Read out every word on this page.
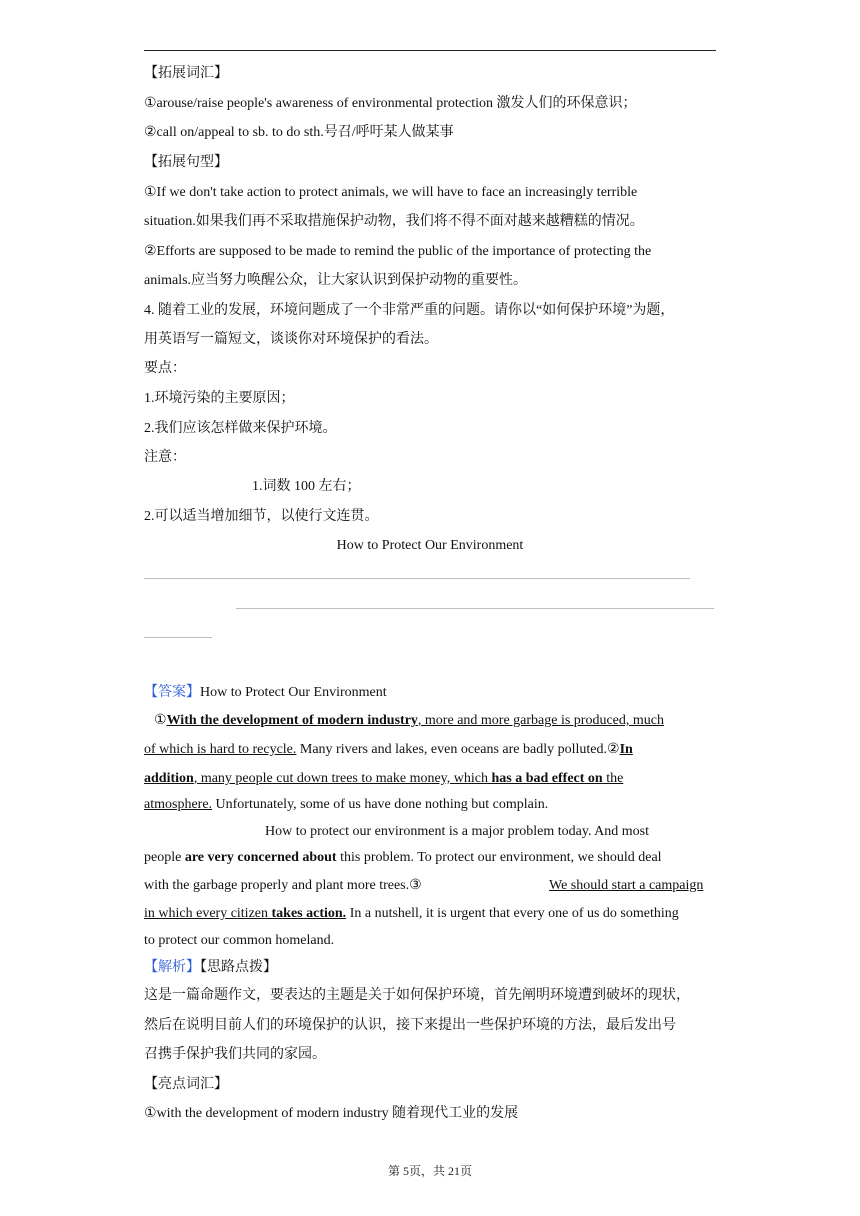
【拓展词汇】
①arouse/raise people's awareness of environmental protection 激发人们的环保意识；
②call on/appeal to sb. to do sth.号召/呼吁某人做某事
【拓展句型】
①If we don't take action to protect animals, we will have to face an increasingly terrible
situation.如果我们再不采取措施保护动物，我们将不得不面对越来越糟糕的情况。
②Efforts are supposed to be made to remind the public of the importance of protecting the
animals.应当努力唤醒公众，让大家认识到保护动物的重要性。
4. 随着工业的发展，环境问题成了一个非常严重的问题。请你以“如何保护环境”为题，
用英语写一篇短文，谈谈你对环境保护的看法。
要点：
1.环境污染的主要原因；
2.我们应该怎样做来保护环境。
注意：
1.词数 100 左右；
2.可以适当增加细节，以使行文连贯。
How to Protect Our Environment
【答案】How to Protect Our Environment
①With the development of modern industry, more and more garbage is produced, much
of which is hard to recycle. Many rivers and lakes, even oceans are badly polluted.②In
addition, many people cut down trees to make money, which has a bad effect on the
atmosphere. Unfortunately, some of us have done nothing but complain.
How to protect our environment is a major problem today. And most
people are very concerned about this problem. To protect our environment, we should deal
with the garbage properly and plant more trees.③	We should start a campaign
in which every citizen takes action. In a nutshell, it is urgent that every one of us do something
to protect our common homeland.
【解析】【思路点拨】
这是一篇命题作文，要表达的主题是关于如何保护环境，首先阐明环境遭到破坏的现状，
然后在说明目前人们的环境保护的认识，接下来提出一些保护环境的方法，最后发出号
召携手保护我们共同的家园。
【亮点词汇】
①with the development of modern industry 随着现代工业的发展
第 5页，共 21页
